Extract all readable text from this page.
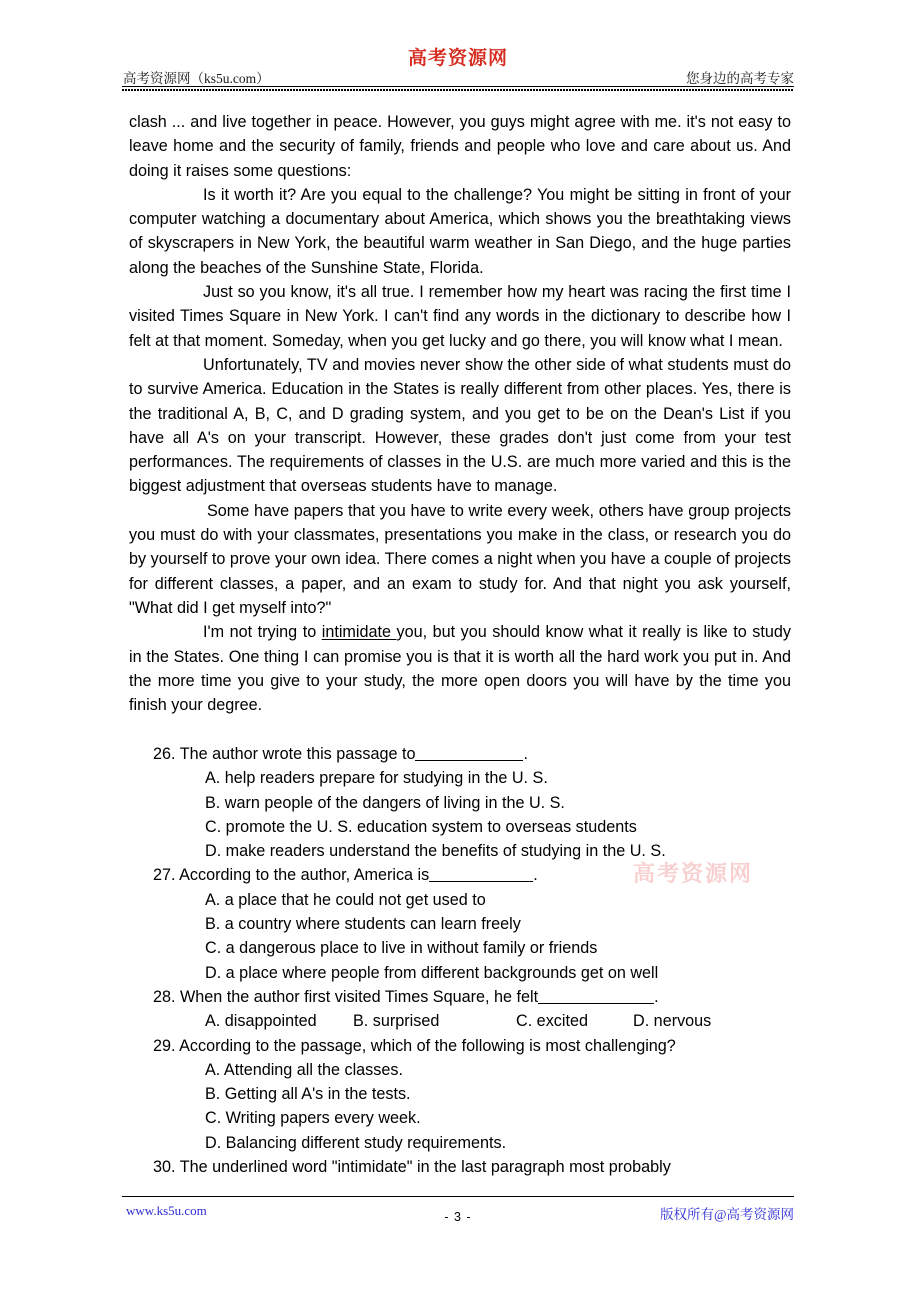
高考资源网
高考资源网（ks5u.com）	您身边的高考专家

clash ... and live together in peace. However, you guys might agree with me. it's not easy to leave home and the security of family, friends and people who love and care about us. And doing it raises some questions:

Is it worth it? Are you equal to the challenge? You might be sitting in front of your computer watching a documentary about America, which shows you the breathtaking views of skyscrapers in New York, the beautiful warm weather in San Diego, and the huge parties along the beaches of the Sunshine State, Florida.

Just so you know, it's all true. I remember how my heart was racing the first time I visited Times Square in New York. I can't find any words in the dictionary to describe how I felt at that moment. Someday, when you get lucky and go there, you will know what I mean.

Unfortunately, TV and movies never show the other side of what students must do to survive America. Education in the States is really different from other places. Yes, there is the traditional A, B, C, and D grading system, and you get to be on the Dean's List if you have all A's on your transcript. However, these grades don't just come from your test performances. The requirements of classes in the U.S. are much more varied and this is the biggest adjustment that overseas students have to manage.

Some have papers that you have to write every week, others have group projects you must do with your classmates, presentations you make in the class, or research you do by yourself to prove your own idea. There comes a night when you have a couple of projects for different classes, a paper, and an exam to study for. And that night you ask yourself, "What did I get myself into?"

I'm not trying to intimidate you, but you should know what it really is like to study in the States. One thing I can promise you is that it is worth all the hard work you put in. And the more time you give to your study, the more open doors you will have by the time you finish your degree.

高考资源网
26. The author wrote this passage to	.
A. help readers prepare for studying in the U. S.
B. warn people of the dangers of living in the U. S.
C. promote the U. S. education system to overseas students
D. make readers understand the benefits of studying in the U. S.
27. According to the author, America is	.
A. a place that he could not get used to
B. a country where students can learn freely
C. a dangerous place to live in without family or friends
D. a place where people from different backgrounds get on well
28. When the author first visited Times Square, he felt	.
A. disappointed B. surprised	C. excited	D. nervous
29. According to the passage, which of the following is most challenging?
A. Attending all the classes.
B. Getting all A's in the tests.
C. Writing papers every week.
D. Balancing different study requirements.
30. The underlined word "intimidate" in the last paragraph most probably
www.ks5u.com	- 3 -	版权所有@高考资源网
